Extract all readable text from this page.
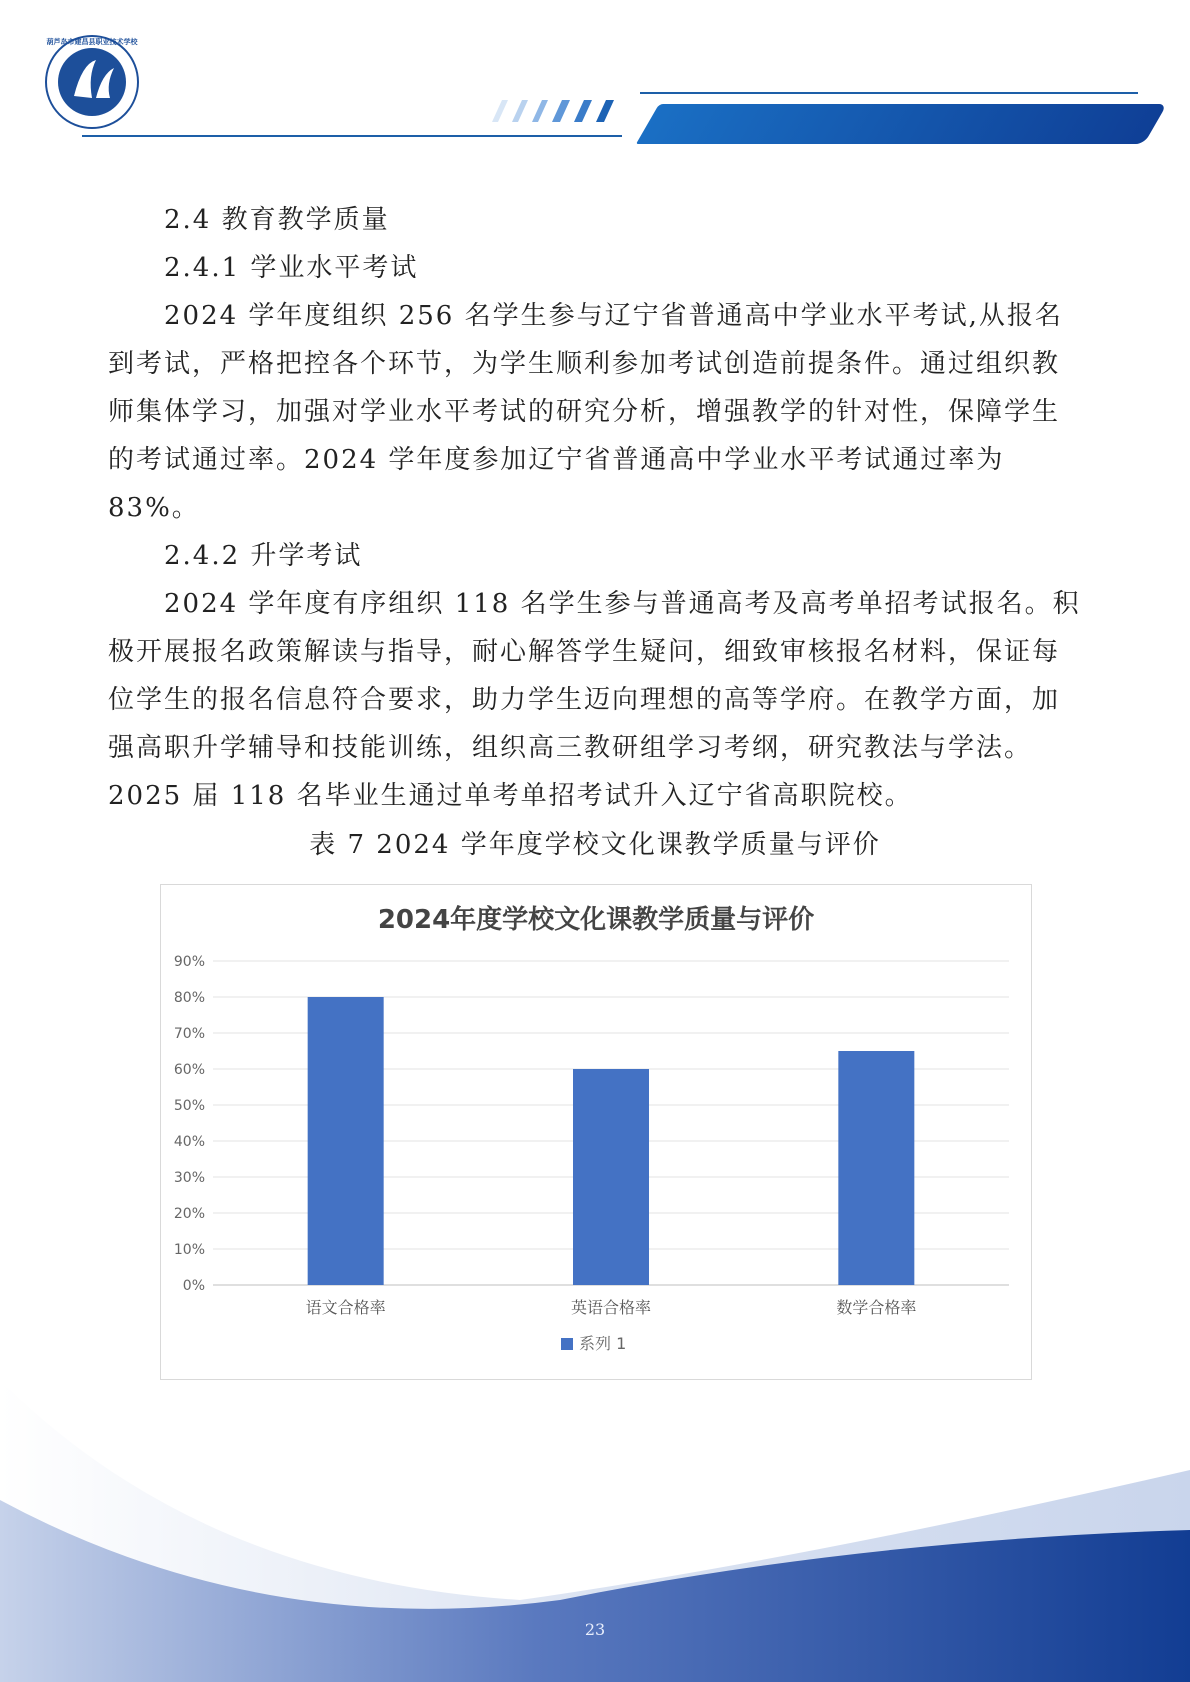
葫芦岛市建昌县职业技术学校

2.4 教育教学质量

2.4.1 学业水平考试

2024 学年度组织 256 名学生参与辽宁省普通高中学业水平考试,从报名到考试，严格把控各个环节，为学生顺利参加考试创造前提条件。通过组织教师集体学习，加强对学业水平考试的研究分析，增强教学的针对性，保障学生的考试通过率。2024 学年度参加辽宁省普通高中学业水平考试通过率为 83%。

2.4.2 升学考试

2024 学年度有序组织 118 名学生参与普通高考及高考单招考试报名。积极开展报名政策解读与指导，耐心解答学生疑问，细致审核报名材料，保证每位学生的报名信息符合要求，助力学生迈向理想的高等学府。在教学方面，加强高职升学辅导和技能训练，组织高三教研组学习考纲，研究教法与学法。2025 届 118 名毕业生通过单考单招考试升入辽宁省高职院校。

表 7 2024 学年度学校文化课教学质量与评价
2024年度学校文化课教学质量与评价
0%
10%
20%
30%
40%
50%
60%
70%
80%
90%
语文合格率	英语合格率	数学合格率
系列 1
23
